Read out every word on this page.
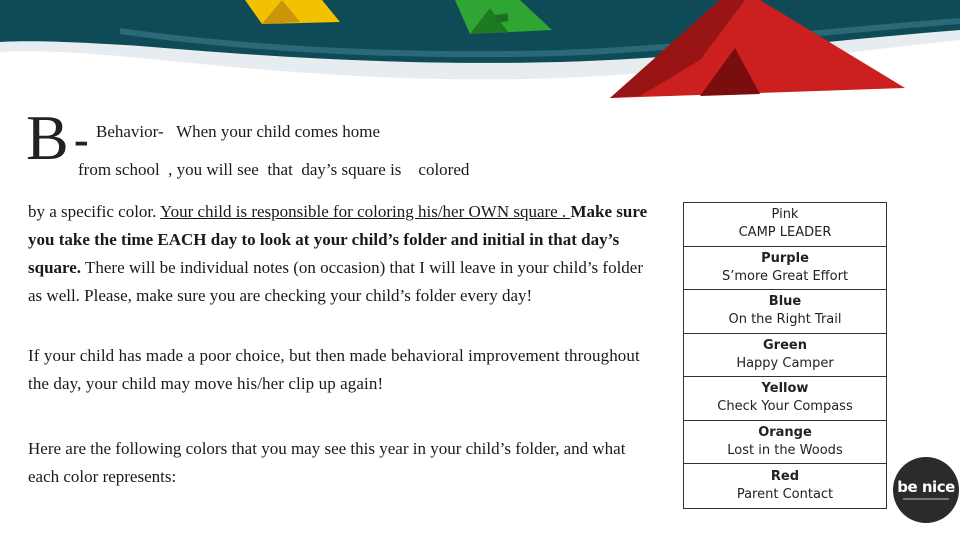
B - Behavior-   When your child comes home
from school  , you will see  that  day’s square is    colored
by a specific color. Your child is responsible for coloring his/her OWN square . Make sure you take the time EACH day to look at your child’s folder and initial in that day’s square. There will be individual notes (on occasion) that I will leave in your child’s folder as well. Please, make sure you are checking your child’s folder every day!
If your child has made a poor choice, but then made behavioral improvement throughout the day, your child may move his/her clip up again!
Here are the following colors that you may see this year in your child’s folder, and what each color represents:
Pink
CAMP LEADER
Purple
S’more Great Effort
Blue
On the Right Trail
Green
Happy Camper
Yellow
Check Your Compass
Orange
Lost in the Woods
Red
Parent Contact	be nice
